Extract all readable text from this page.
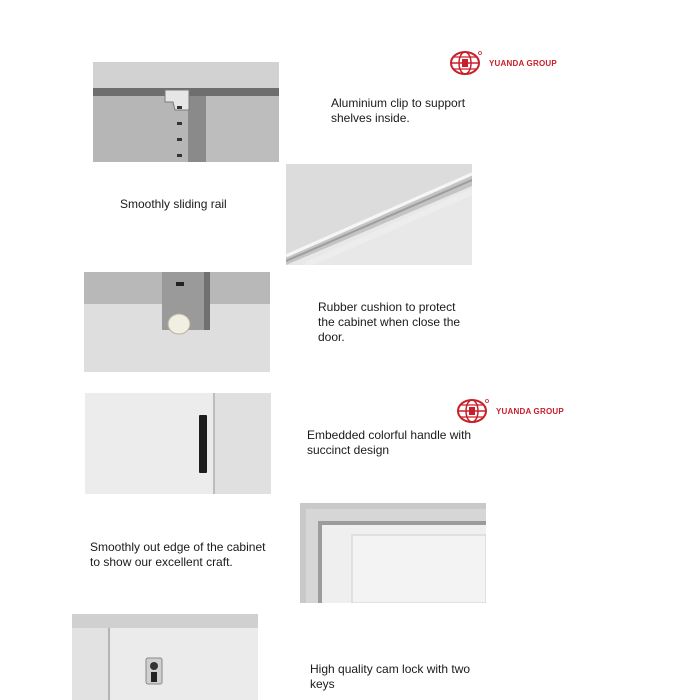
YUANDA GROUP
YUANDA GROUP
Aluminium clip to support
shelves inside.
Smoothly sliding rail
Rubber cushion to protect
the cabinet when close the
door.
Embedded colorful handle with
succinct design
Smoothly out edge of the cabinet
to show our excellent craft.
High quality cam lock with two
keys
